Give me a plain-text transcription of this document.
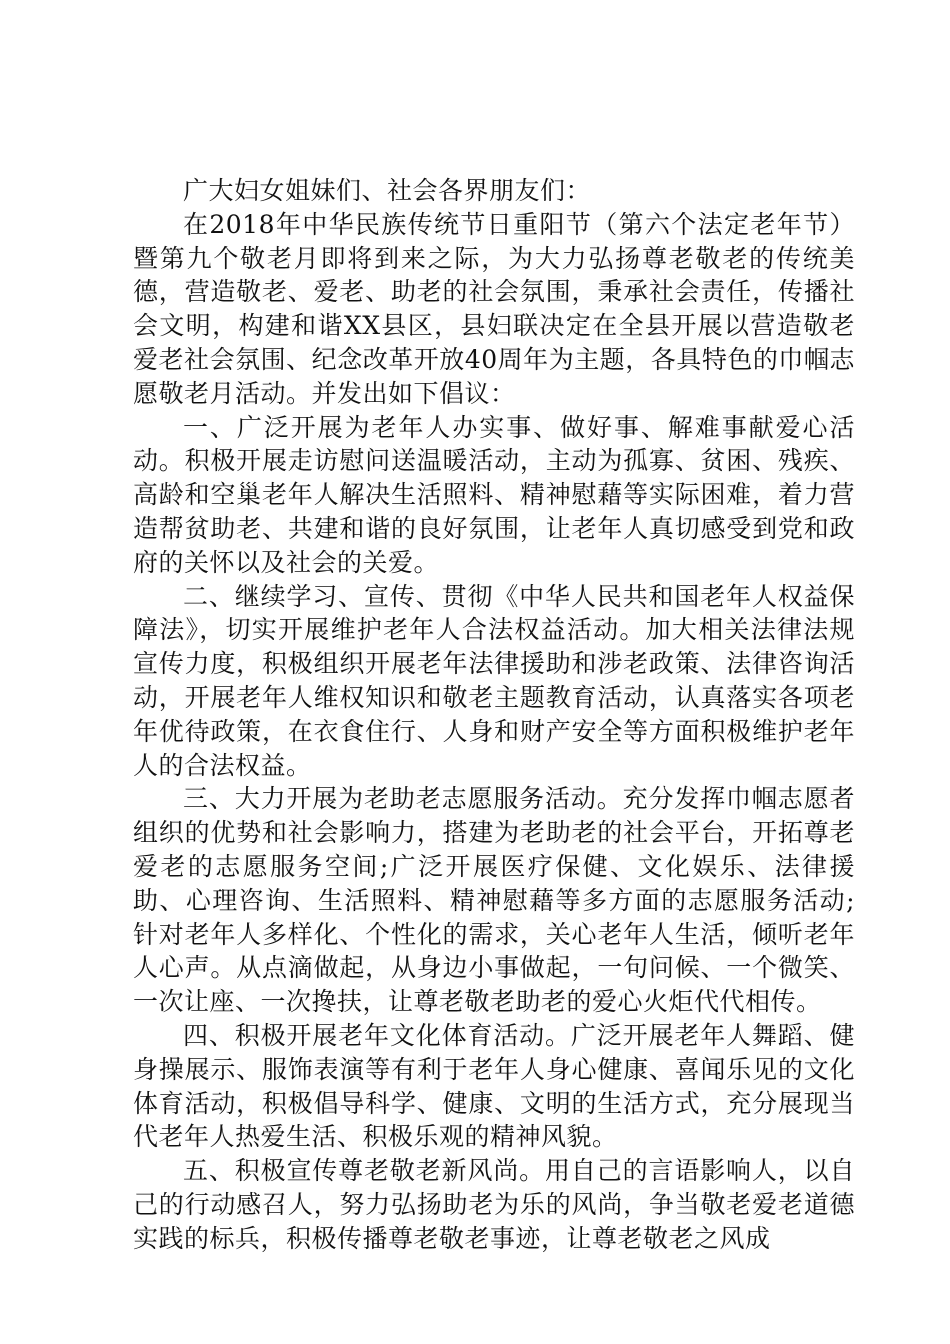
广大妇女姐妹们、社会各界朋友们：

在2018年中华民族传统节日重阳节（第六个法定老年节）暨第九个敬老月即将到来之际，为大力弘扬尊老敬老的传统美德，营造敬老、爱老、助老的社会氛围，秉承社会责任，传播社会文明，构建和谐XX县区，县妇联决定在全县开展以营造敬老爱老社会氛围、纪念改革开放40周年为主题，各具特色的巾帼志愿敬老月活动。并发出如下倡议：

一、广泛开展为老年人办实事、做好事、解难事献爱心活动。积极开展走访慰问送温暖活动，主动为孤寡、贫困、残疾、高龄和空巢老年人解决生活照料、精神慰藉等实际困难，着力营造帮贫助老、共建和谐的良好氛围，让老年人真切感受到党和政府的关怀以及社会的关爱。

二、继续学习、宣传、贯彻《中华人民共和国老年人权益保障法》，切实开展维护老年人合法权益活动。加大相关法律法规宣传力度，积极组织开展老年法律援助和涉老政策、法律咨询活动，开展老年人维权知识和敬老主题教育活动，认真落实各项老年优待政策，在衣食住行、人身和财产安全等方面积极维护老年人的合法权益。

三、大力开展为老助老志愿服务活动。充分发挥巾帼志愿者组织的优势和社会影响力，搭建为老助老的社会平台，开拓尊老爱老的志愿服务空间;广泛开展医疗保健、文化娱乐、法律援助、心理咨询、生活照料、精神慰藉等多方面的志愿服务活动;针对老年人多样化、个性化的需求，关心老年人生活，倾听老年人心声。从点滴做起，从身边小事做起，一句问候、一个微笑、一次让座、一次搀扶，让尊老敬老助老的爱心火炬代代相传。

四、积极开展老年文化体育活动。广泛开展老年人舞蹈、健身操展示、服饰表演等有利于老年人身心健康、喜闻乐见的文化体育活动，积极倡导科学、健康、文明的生活方式，充分展现当代老年人热爱生活、积极乐观的精神风貌。

五、积极宣传尊老敬老新风尚。用自己的言语影响人，以自己的行动感召人，努力弘扬助老为乐的风尚，争当敬老爱老道德实践的标兵，积极传播尊老敬老事迹，让尊老敬老之风成
